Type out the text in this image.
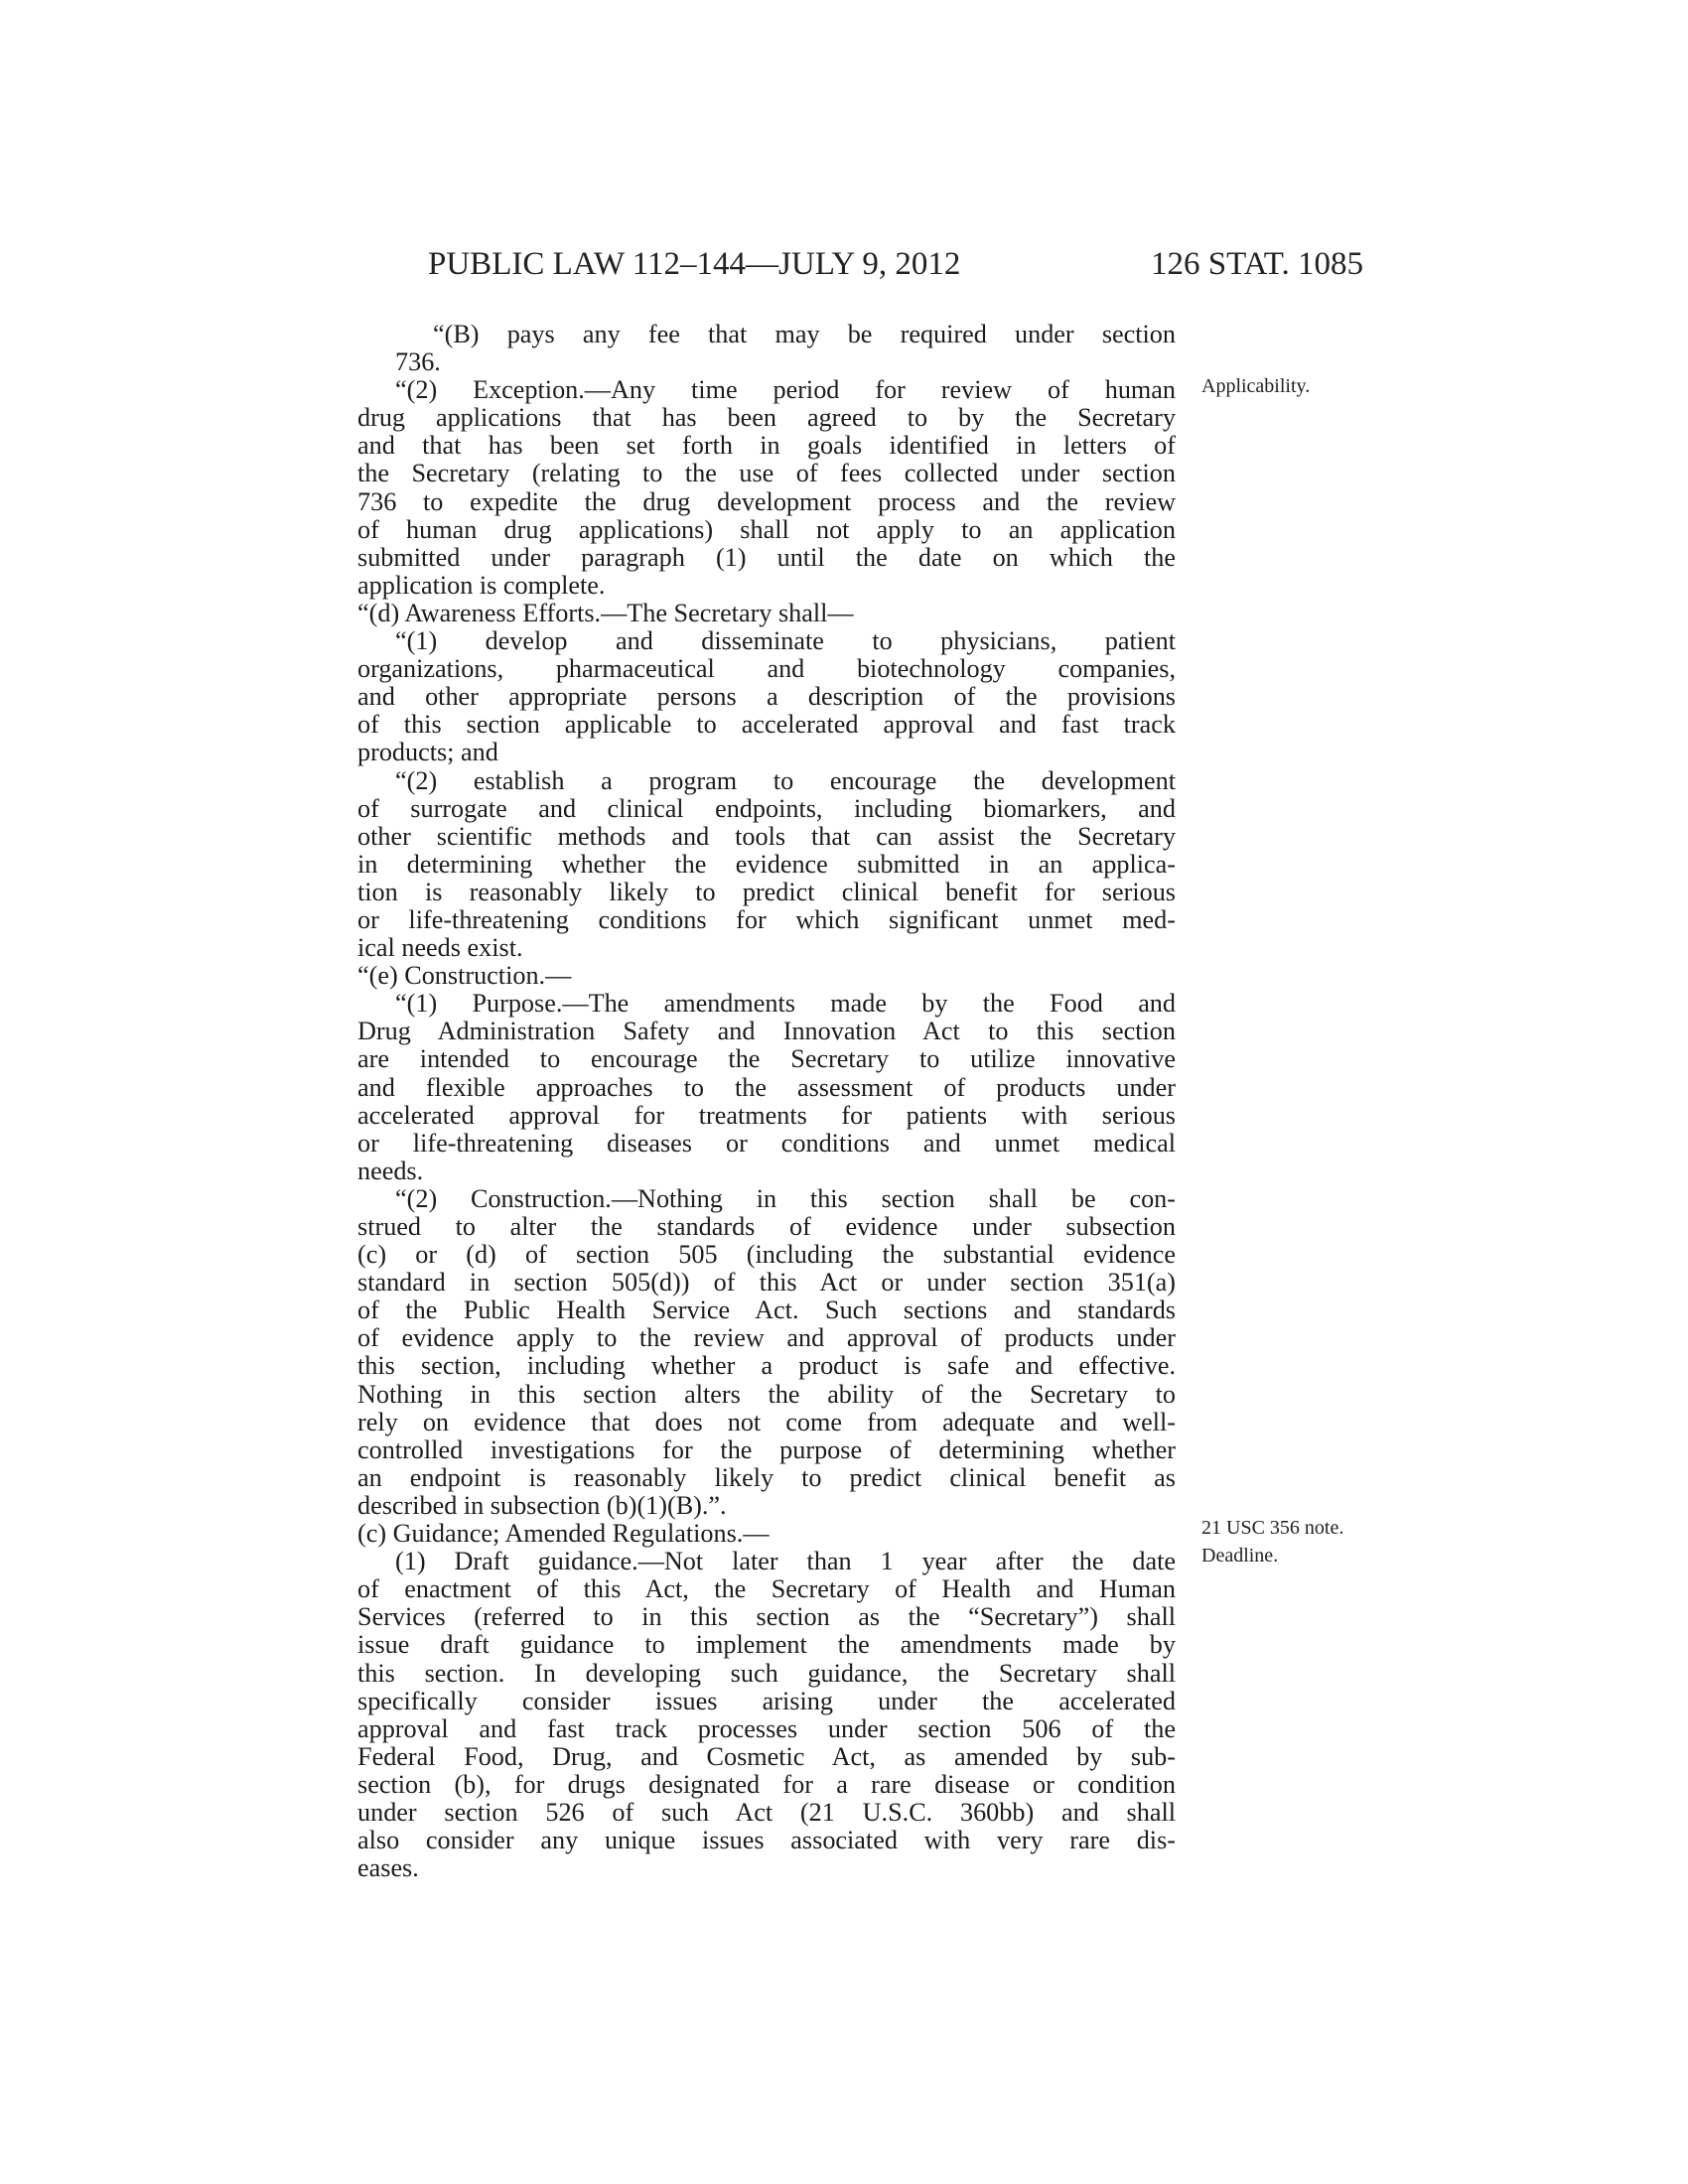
PUBLIC LAW 112–144—JULY 9, 2012	126 STAT. 1085
“(B) pays any fee that may be required under section
736.
“(2) Exception.—Any time period for review of human
drug applications that has been agreed to by the Secretary
and that has been set forth in goals identified in letters of
the Secretary (relating to the use of fees collected under section
736 to expedite the drug development process and the review
of human drug applications) shall not apply to an application
submitted under paragraph (1) until the date on which the
application is complete.
“(d) Awareness Efforts.—The Secretary shall—
“(1) develop and disseminate to physicians, patient
organizations, pharmaceutical and biotechnology companies,
and other appropriate persons a description of the provisions
of this section applicable to accelerated approval and fast track
products; and
“(2) establish a program to encourage the development
of surrogate and clinical endpoints, including biomarkers, and
other scientific methods and tools that can assist the Secretary
in determining whether the evidence submitted in an applica-
tion is reasonably likely to predict clinical benefit for serious
or life-threatening conditions for which significant unmet med-
ical needs exist.
“(e) Construction.—
“(1) Purpose.—The amendments made by the Food and
Drug Administration Safety and Innovation Act to this section
are intended to encourage the Secretary to utilize innovative
and flexible approaches to the assessment of products under
accelerated approval for treatments for patients with serious
or life-threatening diseases or conditions and unmet medical
needs.
“(2) Construction.—Nothing in this section shall be con-
strued to alter the standards of evidence under subsection
(c) or (d) of section 505 (including the substantial evidence
standard in section 505(d)) of this Act or under section 351(a)
of the Public Health Service Act. Such sections and standards
of evidence apply to the review and approval of products under
this section, including whether a product is safe and effective.
Nothing in this section alters the ability of the Secretary to
rely on evidence that does not come from adequate and well-
controlled investigations for the purpose of determining whether
an endpoint is reasonably likely to predict clinical benefit as
described in subsection (b)(1)(B).”.
(c) Guidance; Amended Regulations.—
(1) Draft guidance.—Not later than 1 year after the date
of enactment of this Act, the Secretary of Health and Human
Services (referred to in this section as the “Secretary”) shall
issue draft guidance to implement the amendments made by
this section. In developing such guidance, the Secretary shall
specifically consider issues arising under the accelerated
approval and fast track processes under section 506 of the
Federal Food, Drug, and Cosmetic Act, as amended by sub-
section (b), for drugs designated for a rare disease or condition
under section 526 of such Act (21 U.S.C. 360bb) and shall
also consider any unique issues associated with very rare dis-
eases.
Applicability.
21 USC 356 note.
Deadline.
